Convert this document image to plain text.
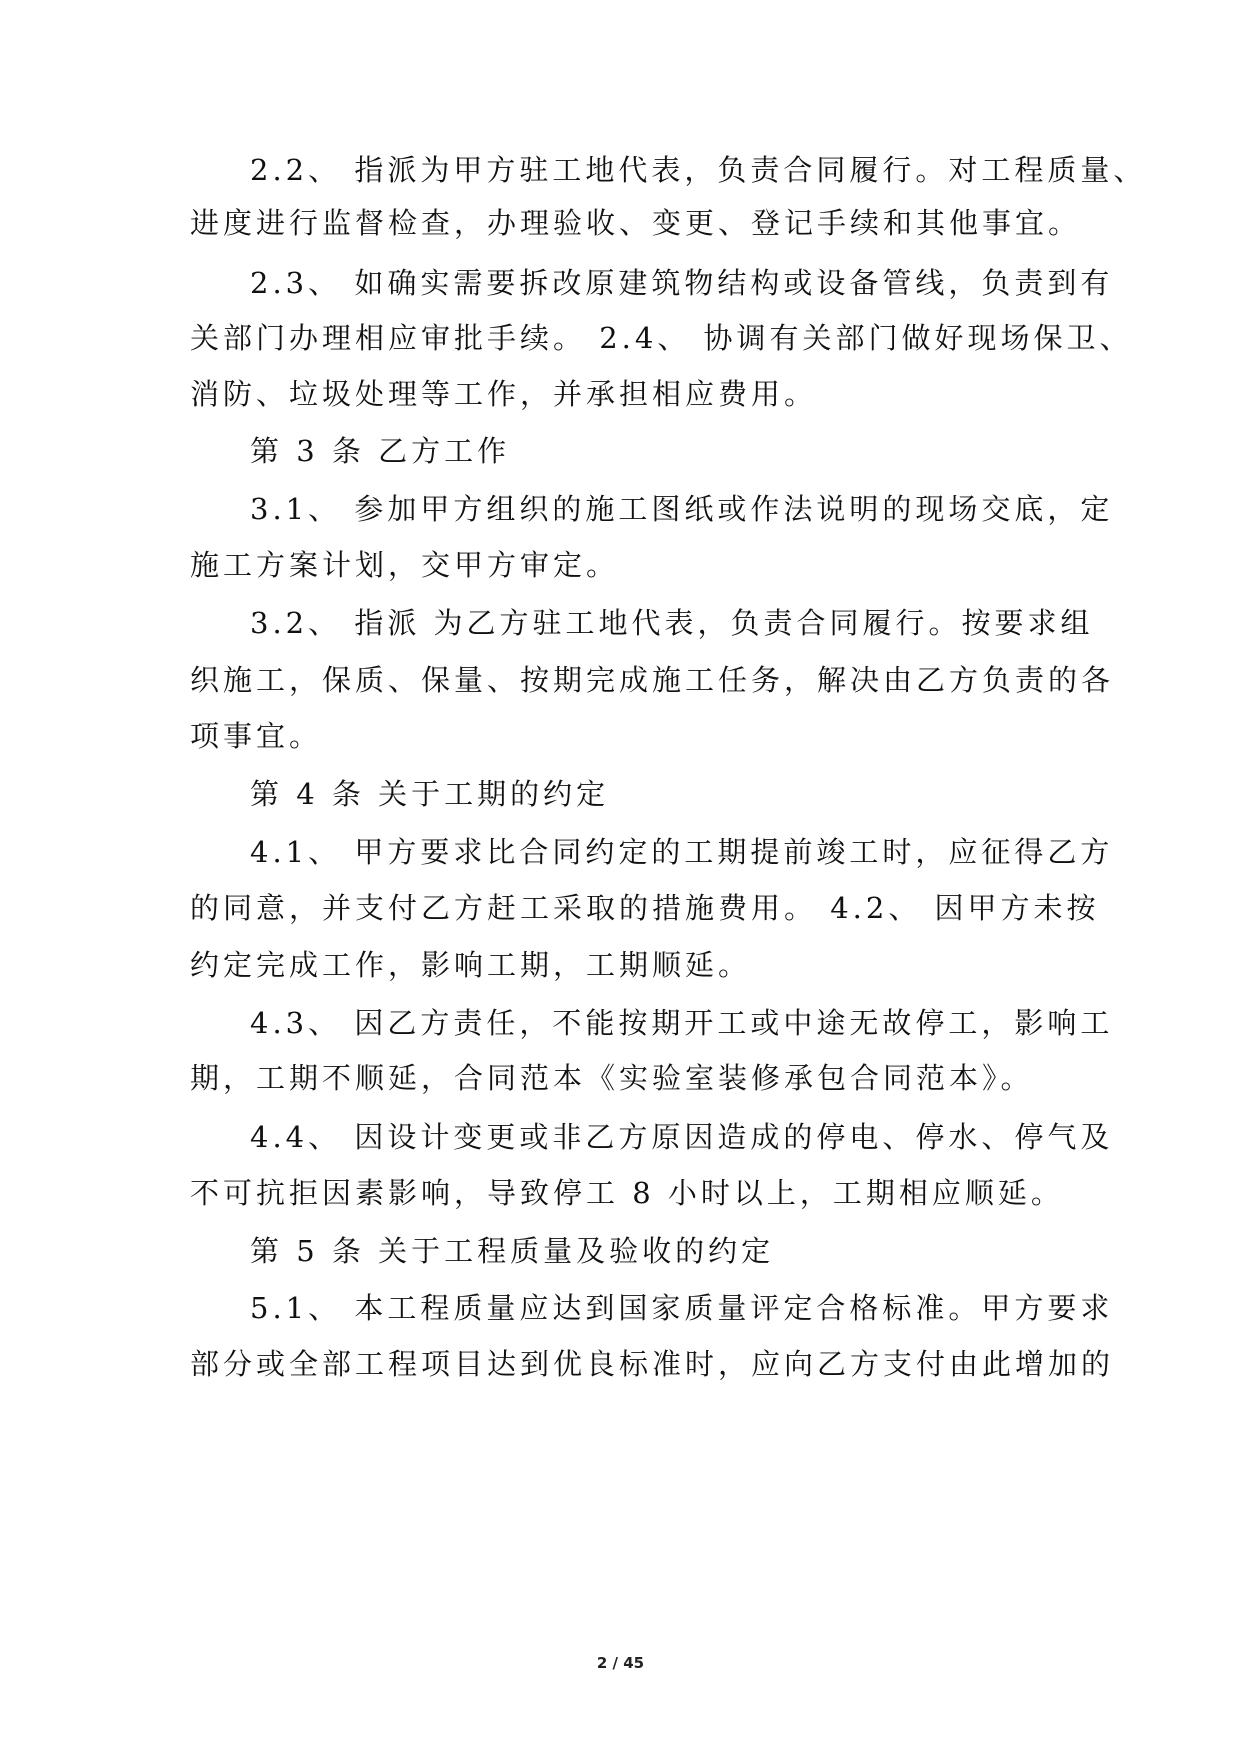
2.2、 指派为甲方驻工地代表，负责合同履行。对工程质量、
进度进行监督检查，办理验收、变更、登记手续和其他事宜。
2.3、 如确实需要拆改原建筑物结构或设备管线，负责到有
关部门办理相应审批手续。 2.4、 协调有关部门做好现场保卫、
消防、垃圾处理等工作，并承担相应费用。
第 3 条 乙方工作
3.1、 参加甲方组织的施工图纸或作法说明的现场交底，定
施工方案计划，交甲方审定。
3.2、 指派 为乙方驻工地代表，负责合同履行。按要求组
织施工，保质、保量、按期完成施工任务，解决由乙方负责的各
项事宜。
第 4 条 关于工期的约定
4.1、 甲方要求比合同约定的工期提前竣工时，应征得乙方
的同意，并支付乙方赶工采取的措施费用。 4.2、 因甲方未按
约定完成工作，影响工期，工期顺延。
4.3、 因乙方责任，不能按期开工或中途无故停工，影响工
期，工期不顺延，合同范本《实验室装修承包合同范本》。
4.4、 因设计变更或非乙方原因造成的停电、停水、停气及
不可抗拒因素影响，导致停工 8 小时以上，工期相应顺延。
第 5 条 关于工程质量及验收的约定
5.1、 本工程质量应达到国家质量评定合格标准。甲方要求
部分或全部工程项目达到优良标准时，应向乙方支付由此增加的
2 / 45
